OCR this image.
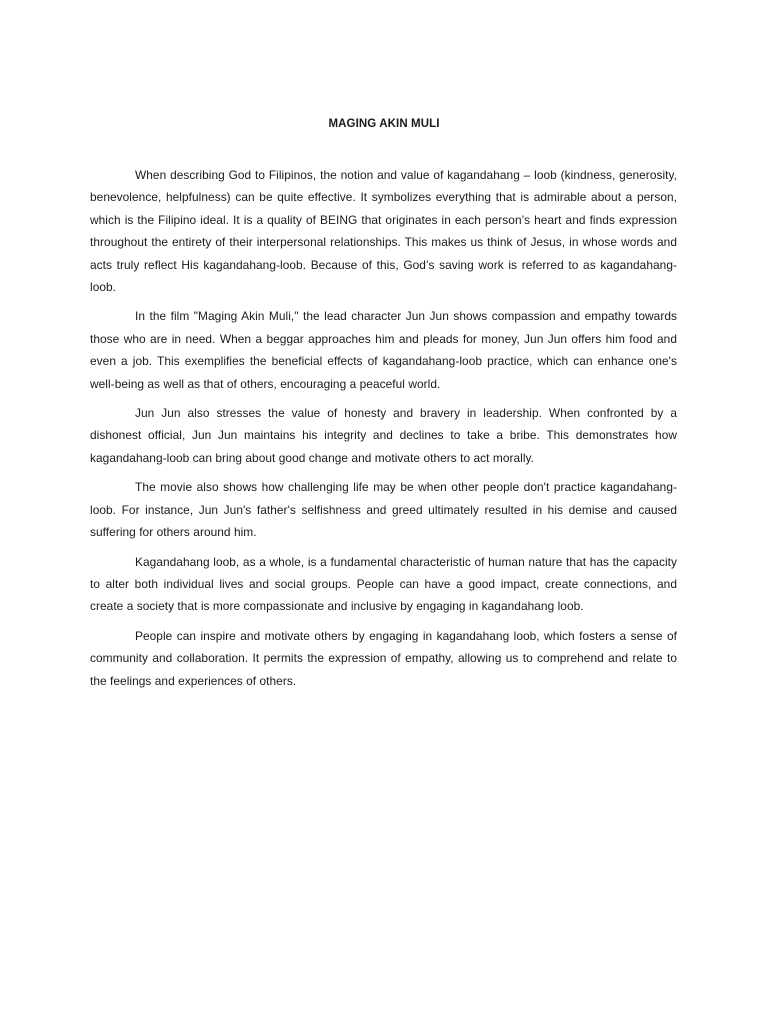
MAGING AKIN MULI

When describing God to Filipinos, the notion and value of kagandahang – loob (kindness, generosity, benevolence, helpfulness) can be quite effective. It symbolizes everything that is admirable about a person, which is the Filipino ideal. It is a quality of BEING that originates in each person’s heart and finds expression throughout the entirety of their interpersonal relationships. This makes us think of Jesus, in whose words and acts truly reflect His kagandahang-loob. Because of this, God’s saving work is referred to as kagandahang-loob.

In the film "Maging Akin Muli," the lead character Jun Jun shows compassion and empathy towards those who are in need. When a beggar approaches him and pleads for money, Jun Jun offers him food and even a job. This exemplifies the beneficial effects of kagandahang-loob practice, which can enhance one's well-being as well as that of others, encouraging a peaceful world.

Jun Jun also stresses the value of honesty and bravery in leadership. When confronted by a dishonest official, Jun Jun maintains his integrity and declines to take a bribe. This demonstrates how kagandahang-loob can bring about good change and motivate others to act morally.

The movie also shows how challenging life may be when other people don't practice kagandahang-loob. For instance, Jun Jun's father's selfishness and greed ultimately resulted in his demise and caused suffering for others around him.

Kagandahang loob, as a whole, is a fundamental characteristic of human nature that has the capacity to alter both individual lives and social groups. People can have a good impact, create connections, and create a society that is more compassionate and inclusive by engaging in kagandahang loob.

People can inspire and motivate others by engaging in kagandahang loob, which fosters a sense of community and collaboration. It permits the expression of empathy, allowing us to comprehend and relate to the feelings and experiences of others.
